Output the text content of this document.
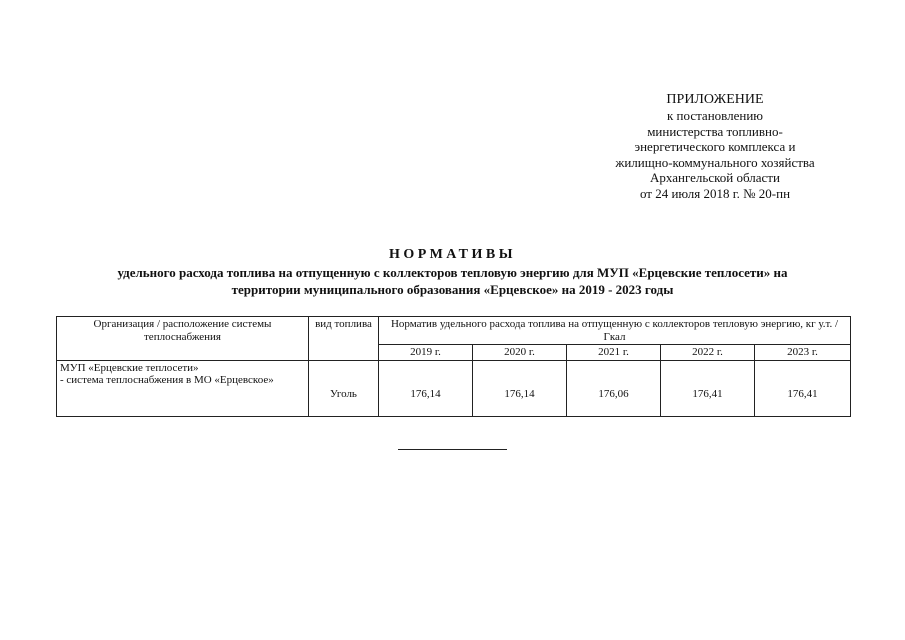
ПРИЛОЖЕНИЕ
к постановлению
министерства топливно-
энергетического комплекса и
жилищно-коммунального хозяйства
Архангельской области
от 24 июля 2018 г. № 20-пн
НОРМАТИВЫ
удельного расхода топлива на отпущенную с коллекторов тепловую энергию для МУП «Ерцевские теплосети» на
территории муниципального образования «Ерцевское» на 2019 - 2023 годы
Организация / расположение системы теплоснабжения	вид топлива	Норматив удельного расхода топлива на отпущенную с коллекторов тепловую энергию, кг у.т. /Гкал				
		2019 г.	2020 г.	2021 г.	2022 г.	2023 г.

МУП «Ерцевские теплосети»
- система теплоснабжения в МО «Ерцевское»	Уголь	176,14	176,14	176,06	176,41	176,41
